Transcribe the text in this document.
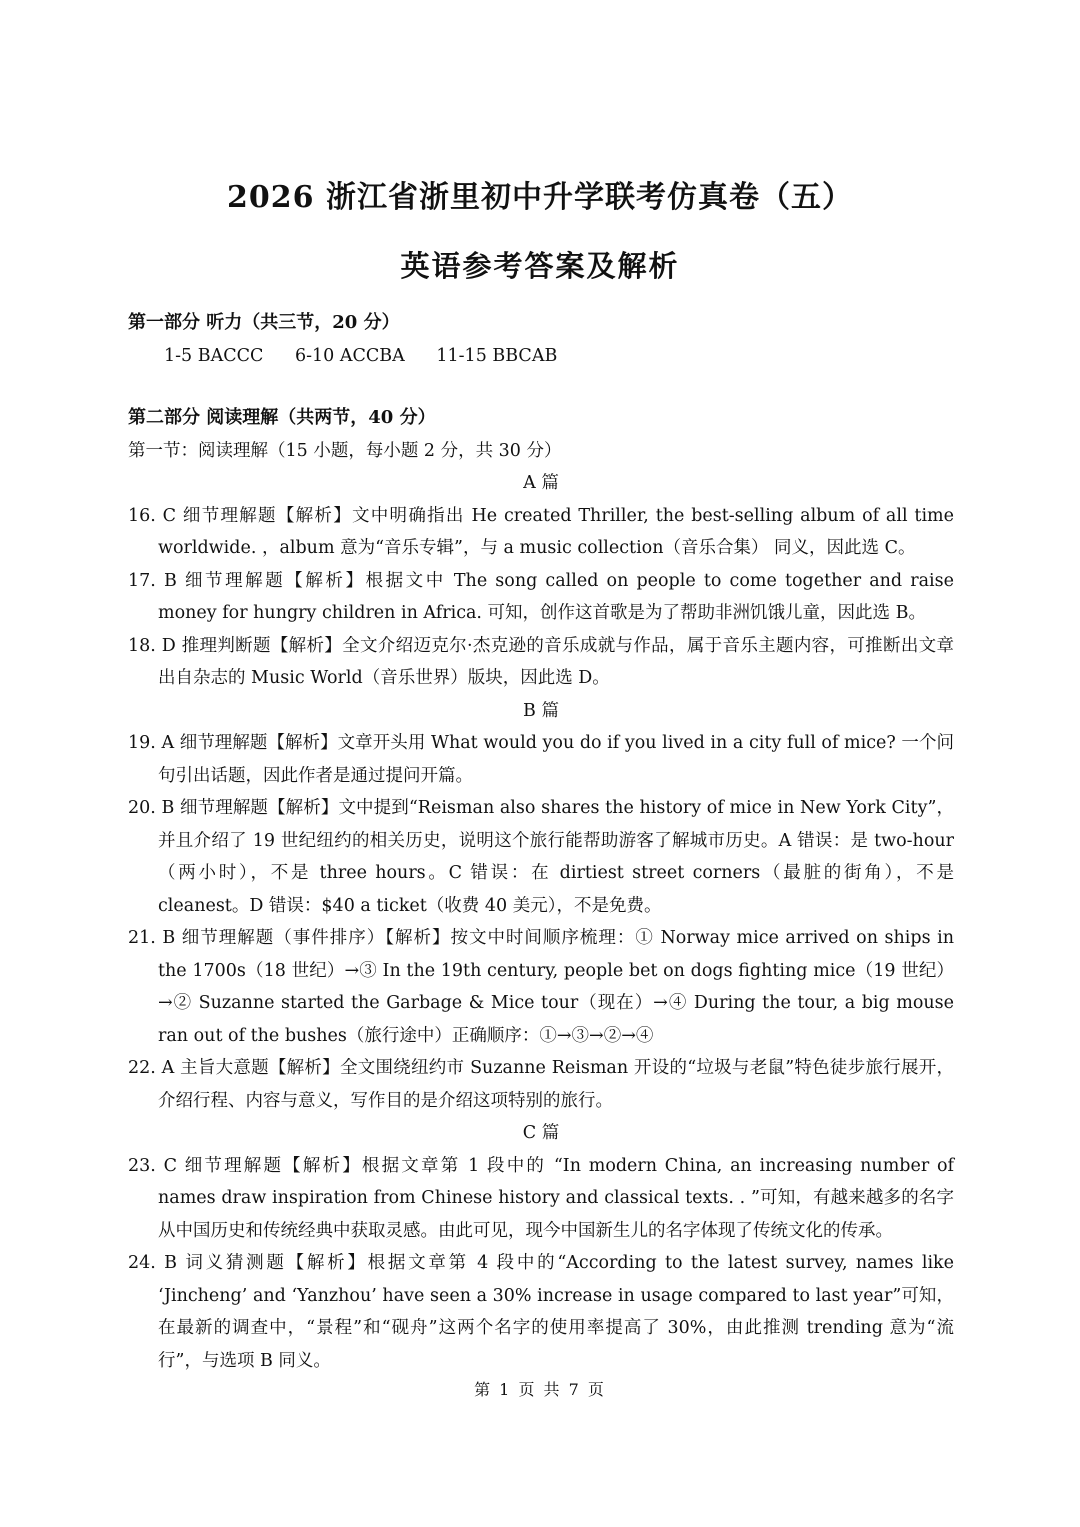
2026 浙江省浙里初中升学联考仿真卷（五）
英语参考答案及解析
第一部分 听力（共三节，20 分）
1-5 BACCC 6-10 ACCBA 11-15 BBCAB
第二部分 阅读理解（共两节，40 分）
第一节：阅读理解（15 小题，每小题 2 分，共 30 分）
A 篇
16. C 细节理解题【解析】文中明确指出 He created Thriller, the best-selling album of all time worldwide. ，album 意为“音乐专辑”，与 a music collection（音乐合集） 同义，因此选 C。
17. B 细节理解题【解析】根据文中 The song called on people to come together and raise money for hungry children in Africa. 可知，创作这首歌是为了帮助非洲饥饿儿童，因此选 B。
18. D 推理判断题【解析】全文介绍迈克尔·杰克逊的音乐成就与作品，属于音乐主题内容，可推断出文章出自杂志的 Music World（音乐世界）版块，因此选 D。
B 篇
19. A 细节理解题【解析】文章开头用 What would you do if you lived in a city full of mice? 一个问句引出话题，因此作者是通过提问开篇。
20. B 细节理解题【解析】文中提到“Reisman also shares the history of mice in New York City”，并且介绍了 19 世纪纽约的相关历史，说明这个旅行能帮助游客了解城市历史。A 错误：是 two-hour（两小时），不是 three hours。C 错误：在 dirtiest street corners（最脏的街角），不是 cleanest。D 错误：$40 a ticket（收费 40 美元），不是免费。
21. B 细节理解题（事件排序）【解析】按文中时间顺序梳理：① Norway mice arrived on ships in the 1700s（18 世纪）→③ In the 19th century, people bet on dogs fighting mice（19 世纪）→② Suzanne started the Garbage & Mice tour（现在）→④ During the tour, a big mouse ran out of the bushes（旅行途中）正确顺序：①→③→②→④
22. A 主旨大意题【解析】全文围绕纽约市 Suzanne Reisman 开设的“垃圾与老鼠”特色徒步旅行展开，介绍行程、内容与意义，写作目的是介绍这项特别的旅行。
C 篇
23. C 细节理解题【解析】根据文章第 1 段中的 “In modern China, an increasing number of names draw inspiration from Chinese history and classical texts. . ”可知，有越来越多的名字从中国历史和传统经典中获取灵感。由此可见，现今中国新生儿的名字体现了传统文化的传承。
24. B 词义猜测题【解析】根据文章第 4 段中的“According to the latest survey, names like ‘Jincheng’ and ‘Yanzhou’ have seen a 30% increase in usage compared to last year”可知，在最新的调查中，“景程”和“砚舟”这两个名字的使用率提高了 30%，由此推测 trending 意为“流行”，与选项 B 同义。
第 1 页 共 7 页
